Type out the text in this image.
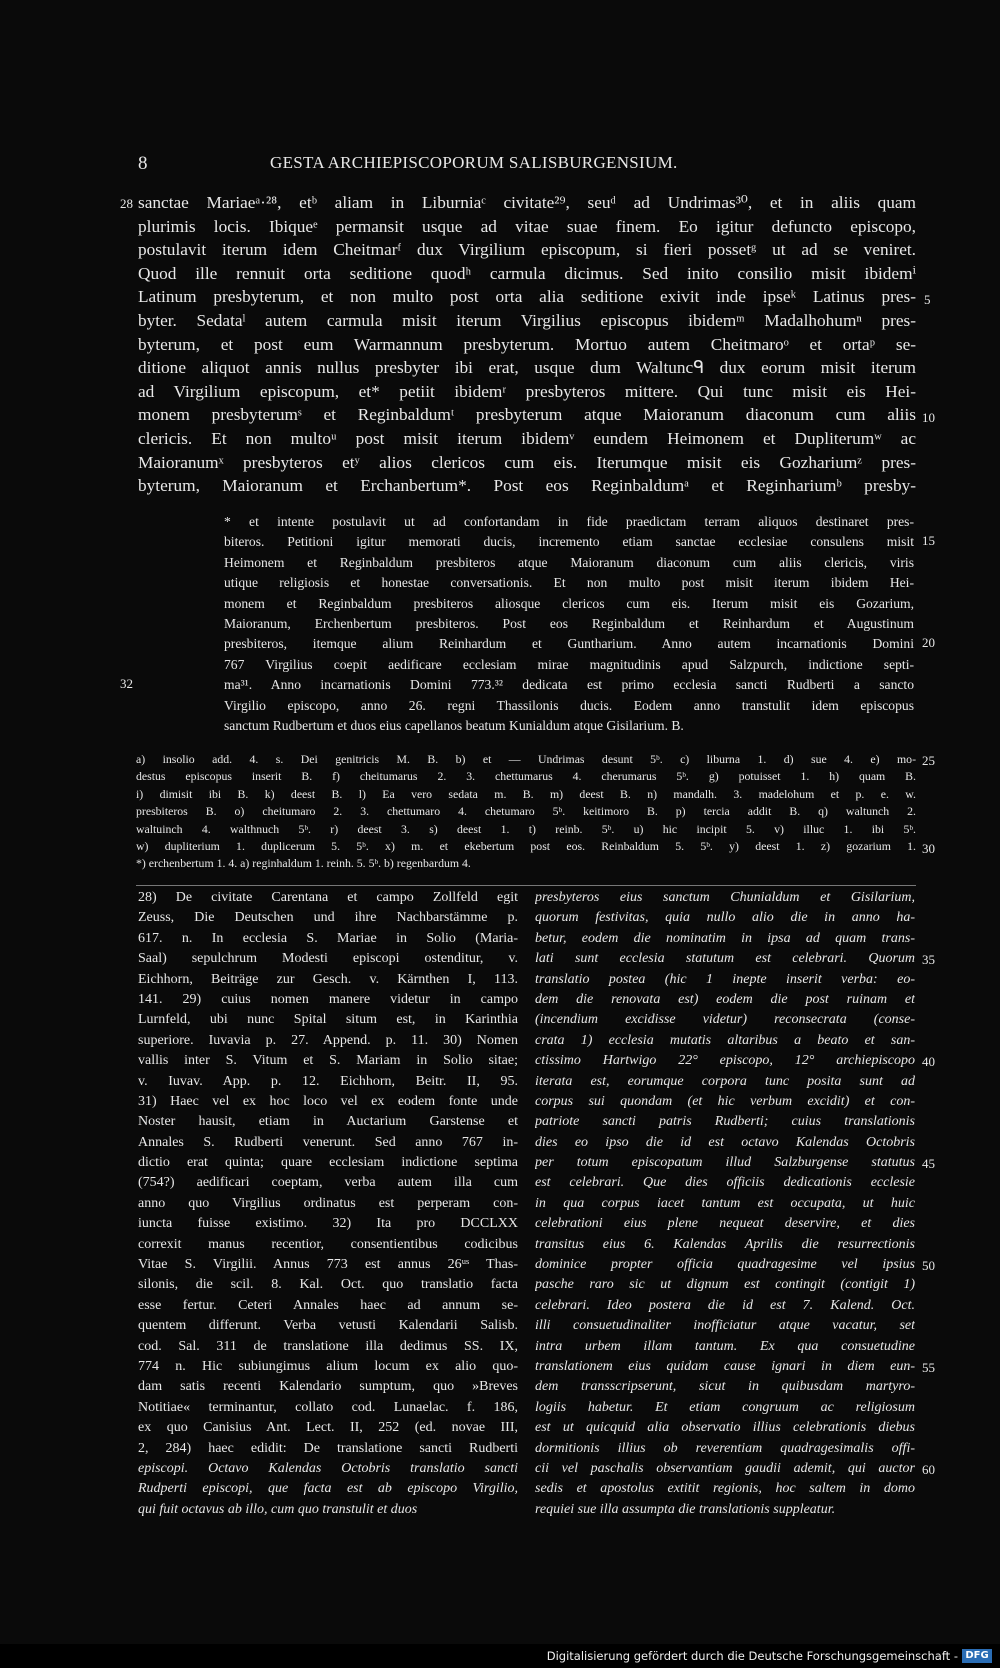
8	GESTA ARCHIEPISCOPORUM SALISBURGENSIUM.
sanctae Mariaeᵃ·²⁸, etᵇ aliam in Liburniaᶜ civitate²⁹, seuᵈ ad Undrimas³⁰, et in aliis quam
plurimis locis. Ibiqueᵉ permansit usque ad vitae suae finem. Eo igitur defuncto episcopo,
postulavit iterum idem Cheitmarᶠ dux Virgilium episcopum, si fieri possetᵍ ut ad se veniret.
Quod ille rennuit orta seditione quodʰ carmula dicimus. Sed inito consilio misit ibidemⁱ
Latinum presbyterum, et non multo post orta alia seditione exivit inde ipseᵏ Latinus pres-
byter. Sedataˡ autem carmula misit iterum Virgilius episcopus ibidemᵐ Madalhohumⁿ pres-
byterum, et post eum Warmannum presbyterum. Mortuo autem Cheitmaroᵒ et ortaᵖ se-
ditione aliquot annis nullus presbyter ibi erat, usque dum Waltuncᑫ dux eorum misit iterum
ad Virgilium episcopum, et* petiit ibidemʳ presbyteros mittere. Qui tunc misit eis Hei-
monem presbyterumˢ et Reginbaldumᵗ presbyterum atque Maioranum diaconum cum aliis
clericis. Et non multoᵘ post misit iterum ibidemᵛ eundem Heimonem et Dupliterumʷ ac
Maioranumˣ presbyteros etʸ alios clericos cum eis. Iterumque misit eis Gozhariumᶻ pres-
byterum, Maioranum et Erchanbertum*. Post eos Reginbaldumᵃ et Reginhariumᵇ presby-
28
5
10
15
20
32
25
30
35
40
45
50
55
60
* et intente postulavit ut ad confortandam in fide praedictam terram aliquos destinaret pres-
biteros. Petitioni igitur memorati ducis, incremento etiam sanctae ecclesiae consulens misit
Heimonem et Reginbaldum presbiteros atque Maioranum diaconum cum aliis clericis, viris
utique religiosis et honestae conversationis. Et non multo post misit iterum ibidem Hei-
monem et Reginbaldum presbiteros aliosque clericos cum eis. Iterum misit eis Gozarium,
Maioranum, Erchenbertum presbiteros. Post eos Reginbaldum et Reinhardum et Augustinum
presbiteros, itemque alium Reinhardum et Guntharium. Anno autem incarnationis Domini
767 Virgilius coepit aedificare ecclesiam mirae magnitudinis apud Salzpurch, indictione septi-
ma³¹. Anno incarnationis Domini 773.³² dedicata est primo ecclesia sancti Rudberti a sancto
Virgilio episcopo, anno 26. regni Thassilonis ducis. Eodem anno transtulit idem episcopus
sanctum Rudbertum et duos eius capellanos beatum Kunialdum atque Gisilarium. B.
a) insolio add. 4. s. Dei genitricis M. B. b) et — Undrimas desunt 5ᵇ. c) liburna 1. d) sue 4. e) mo-
destus episcopus inserit B. f) cheitumarus 2. 3. chettumarus 4. cherumarus 5ᵇ. g) potuisset 1. h) quam B.
i) dimisit ibi B. k) deest B. l) Ea vero sedata m. B. m) deest B. n) mandalh. 3. madelohum et p. e. w.
presbiteros B. o) cheitumaro 2. 3. chettumaro 4. chetumaro 5ᵇ. keitimoro B. p) tercia addit B. q) waltunch 2.
waltuinch 4. walthnuch 5ᵇ. r) deest 3. s) deest 1. t) reinb. 5ᵇ. u) hic incipit 5. v) illuc 1. ibi 5ᵇ.
w) dupliterium 1. duplicerum 5. 5ᵇ. x) m. et ekebertum post eos. Reinbaldum 5. 5ᵇ. y) deest 1. z) gozarium 1.
*) erchenbertum 1. 4. a) reginhaldum 1. reinh. 5. 5ᵇ. b) regenbardum 4.
28) De civitate Carentana et campo Zollfeld egit
Zeuss, Die Deutschen und ihre Nachbarstämme p.
617. n. In ecclesia S. Mariae in Solio (Maria-
Saal) sepulchrum Modesti episcopi ostenditur, v.
Eichhorn, Beiträge zur Gesch. v. Kärnthen I, 113.
141. 29) cuius nomen manere videtur in campo
Lurnfeld, ubi nunc Spital situm est, in Karinthia
superiore. Iuvavia p. 27. Append. p. 11. 30) Nomen
vallis inter S. Vitum et S. Mariam in Solio sitae;
v. Iuvav. App. p. 12. Eichhorn, Beitr. II, 95.
31) Haec vel ex hoc loco vel ex eodem fonte unde
Noster hausit, etiam in Auctarium Garstense et
Annales S. Rudberti venerunt. Sed anno 767 in-
dictio erat quinta; quare ecclesiam indictione septima
(754?) aedificari coeptam, verba autem illa cum
anno quo Virgilius ordinatus est perperam con-
iuncta fuisse existimo. 32) Ita pro DCCLXX
correxit manus recentior, consentientibus codicibus
Vitae S. Virgilii. Annus 773 est annus 26ᵘˢ Thas-
silonis, die scil. 8. Kal. Oct. quo translatio facta
esse fertur. Ceteri Annales haec ad annum se-
quentem differunt. Verba vetusti Kalendarii Salisb.
cod. Sal. 311 de translatione illa dedimus SS. IX,
774 n. Hic subiungimus alium locum ex alio quo-
dam satis recenti Kalendario sumptum, quo »Breves
Notitiae« terminantur, collato cod. Lunaelac. f. 186,
ex quo Canisius Ant. Lect. II, 252 (ed. novae III,
2, 284) haec edidit: De translatione sancti Rudberti
episcopi. Octavo Kalendas Octobris translatio sancti
Rudperti episcopi, que facta est ab episcopo Virgilio,
qui fuit octavus ab illo, cum quo transtulit et duos
presbyteros eius sanctum Chunialdum et Gisilarium,
quorum festivitas, quia nullo alio die in anno ha-
betur, eodem die nominatim in ipsa ad quam trans-
lati sunt ecclesia statutum est celebrari. Quorum
translatio postea (hic 1 inepte inserit verba: eo-
dem die renovata est) eodem die post ruinam et
(incendium excidisse videtur) reconsecrata (conse-
crata 1) ecclesia mutatis altaribus a beato et san-
ctissimo Hartwigo 22° episcopo, 12° archiepiscopo
iterata est, eorumque corpora tunc posita sunt ad
corpus sui quondam (et hic verbum excidit) et con-
patriote sancti patris Rudberti; cuius translationis
dies eo ipso die id est octavo Kalendas Octobris
per totum episcopatum illud Salzburgense statutus
est celebrari. Que dies officiis dedicationis ecclesie
in qua corpus iacet tantum est occupata, ut huic
celebrationi eius plene nequeat deservire, et dies
transitus eius 6. Kalendas Aprilis die resurrectionis
dominice propter officia quadragesime vel ipsius
pasche raro sic ut dignum est contingit (contigit 1)
celebrari. Ideo postera die id est 7. Kalend. Oct.
illi consuetudinaliter inofficiatur atque vacatur, set
intra urbem illam tantum. Ex qua consuetudine
translationem eius quidam cause ignari in diem eun-
dem transscripserunt, sicut in quibusdam martyro-
logiis habetur. Et etiam congruum ac religiosum
est ut quicquid alia observatio illius celebrationis diebus
dormitionis illius ob reverentiam quadragesimalis offi-
cii vel paschalis observantiam gaudii ademit, qui auctor
sedis et apostolus extitit regionis, hoc saltem in domo
requiei sue illa assumpta die translationis suppleatur.
Digitalisierung gefördert durch die Deutsche Forschungsgemeinschaft - DFG
